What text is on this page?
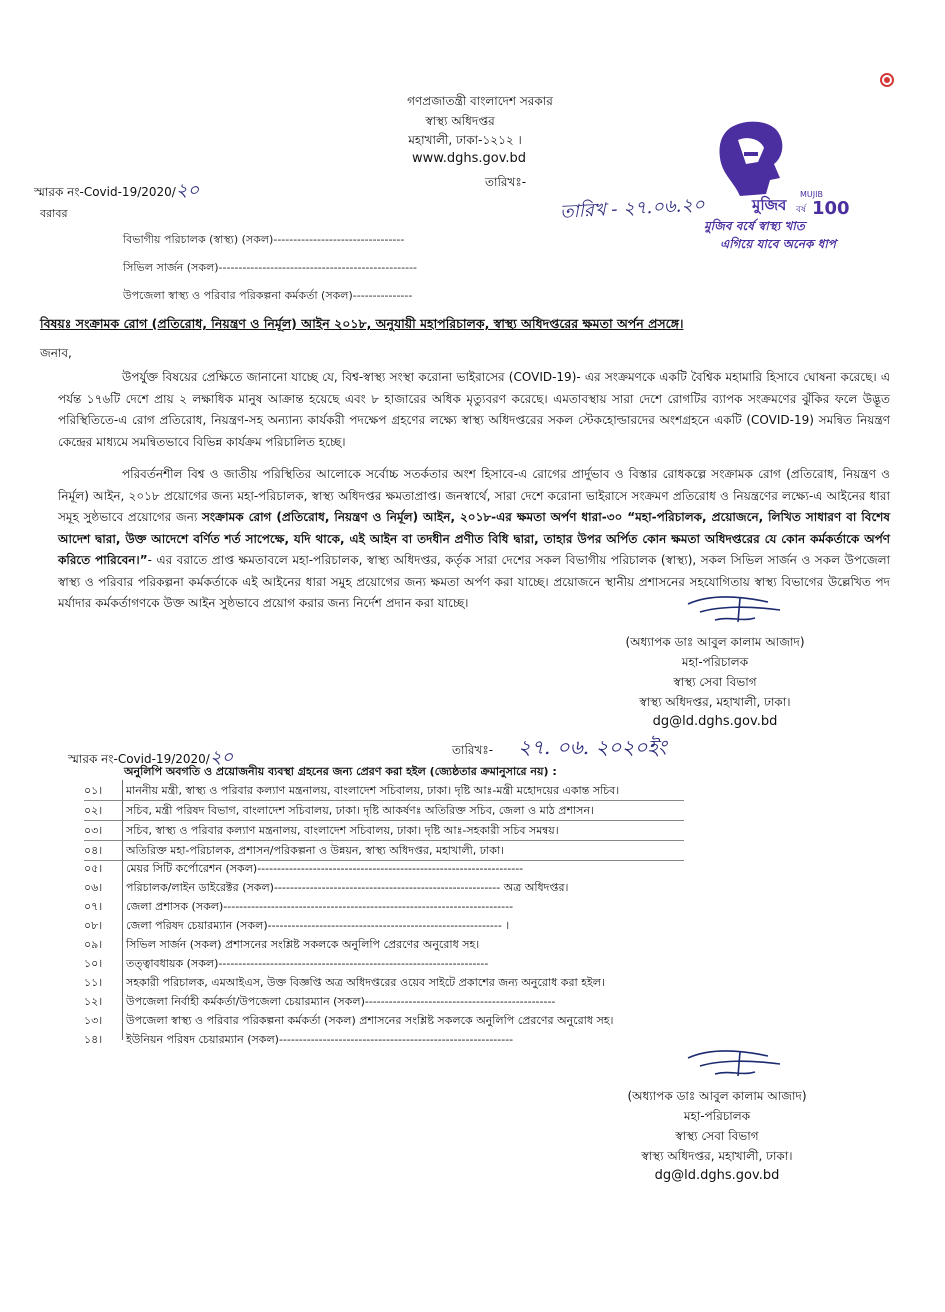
গণপ্রজাতন্ত্রী বাংলাদেশ সরকার
স্বাস্থ্য অধিদপ্তর
মহাখালী, ঢাকা-১২১২ ।
www.dghs.gov.bd
মুজিব
MUJIB
100
বর্ষ
মুজিব বর্ষে স্বাস্থ্য খাত
এগিয়ে যাবে অনেক ধাপ
স্মারক নং-Covid-19/2020/২০	তারিখঃ-
তারিখ - ২৭.০৬.২০
বরাবর
বিভাগীয় পরিচালক (স্বাস্থ্য) (সকল)---------------------------------
সিভিল সার্জন (সকল)--------------------------------------------------
উপজেলা স্বাস্থ্য ও পরিবার পরিকল্পনা কর্মকর্তা (সকল)---------------
বিষয়ঃ সংক্রামক রোগ (প্রতিরোধ, নিয়ন্ত্রণ ও নির্মূল) আইন ২০১৮, অনুযায়ী মহাপরিচালক, স্বাস্থ্য অধিদপ্তরের ক্ষমতা অর্পন প্রসঙ্গে।
জনাব,
উপর্যুক্ত বিষয়ের প্রেক্ষিতে জানানো যাচ্ছে যে, বিশ্ব-স্বাস্থ্য সংস্থা করোনা ভাইরাসের (COVID-19)- এর সংক্রমণকে একটি বৈশ্বিক মহামারি হিসাবে ঘোষনা করেছে। এ পর্যন্ত ১৭৬টি দেশে প্রায় ২ লক্ষাধিক মানুষ আক্রান্ত হয়েছে এবং ৮ হাজারের অধিক মৃত্যুবরণ করেছে। এমতাবস্থায় সারা দেশে রোগটির ব্যাপক সংক্রমণের ঝুঁকির ফলে উদ্ভূত পরিস্থিতিতে-এ রোগ প্রতিরোধ, নিয়ন্ত্রণ-সহ অন্যান্য কার্যকরী পদক্ষেপ গ্রহণের লক্ষ্যে স্বাস্থ্য অধিদপ্তরের সকল স্টেকহোল্ডারদের অংশগ্রহনে একটি (COVID-19) সমন্বিত নিয়ন্ত্রণ কেন্দ্রের মাধ্যমে সমন্বিতভাবে বিভিন্ন কার্যক্রম পরিচালিত হচ্ছে।
পরিবর্তনশীল বিশ্ব ও জাতীয় পরিস্থিতির আলোকে সর্বোচ্চ সতর্কতার অংশ হিসাবে-এ রোগের প্রার্দুভাব ও বিস্তার রোধকল্পে সংক্রামক রোগ (প্রতিরোধ, নিয়ন্ত্রণ ও নির্মূল) আইন, ২০১৮ প্রয়োগের জন্য মহা-পরিচালক, স্বাস্থ্য অধিদপ্তর ক্ষমতাপ্রাপ্ত। জনস্বার্থে, সারা দেশে করোনা ভাইরাসে সংক্রমণ প্রতিরোধ ও নিয়ন্ত্রণের লক্ষ্যে-এ আইনের ধারা সমূহ সুষ্ঠভাবে প্রয়োগের জন্য সংক্রামক রোগ (প্রতিরোধ, নিয়ন্ত্রণ ও নির্মূল) আইন, ২০১৮-এর ক্ষমতা অর্পণ ধারা-৩০ “মহা-পরিচালক, প্রয়োজনে, লিখিত সাধারণ বা বিশেষ আদেশ দ্বারা, উক্ত আদেশে বর্ণিত শর্ত সাপেক্ষে, যদি থাকে, এই আইন বা তদধীন প্রণীত বিধি দ্বারা, তাহার উপর অর্পিত কোন ক্ষমতা অধিদপ্তরের যে কোন কর্মকর্তাকে অর্পণ করিতে পারিবেন।”- এর বরাতে প্রাপ্ত ক্ষমতাবলে মহা-পরিচালক, স্বাস্থ্য অধিদপ্তর, কর্তৃক সারা দেশের সকল বিভাগীয় পরিচালক (স্বাস্থ্য), সকল সিভিল সার্জন ও সকল উপজেলা স্বাস্থ্য ও পরিবার পরিকল্পনা কর্মকর্তাকে এই আইনের ধারা সমুহ প্রয়োগের জন্য ক্ষমতা অর্পণ করা যাচ্ছে। প্রয়োজনে স্থানীয় প্রশাসনের সহযোগিতায় স্বাস্থ্য বিভাগের উল্লেখিত পদ মর্যাদার কর্মকর্তাগণকে উক্ত আইন সুষ্ঠভাবে প্রয়োগ করার জন্য নির্দেশ প্রদান করা যাচ্ছে।
(অধ্যাপক ডাঃ আবুল কালাম আজাদ)
মহা-পরিচালক
স্বাস্থ্য সেবা বিভাগ
স্বাস্থ্য অধিদপ্তর, মহাখালী, ঢাকা।
dg@ld.dghs.gov.bd
স্মারক নং-Covid-19/2020/২০	তারিখঃ- ২৭. ০৬. ২০২০ইং
অনুলিপি অবগতি ও প্রয়োজনীয় ব্যবস্থা গ্রহনের জন্য প্রেরণ করা হইল (জ্যেষ্ঠতার ক্রমানুসারে নয়) :
০১।	মাননীয় মন্ত্রী, স্বাস্থ্য ও পরিবার কল্যাণ মন্ত্রনালয়, বাংলাদেশ সচিবালয়, ঢাকা। দৃষ্টি আঃ-মন্ত্রী মহোদয়ের একান্ত সচিব।
০২।	সচিব, মন্ত্রী পরিষদ বিভাগ, বাংলাদেশ সচিবালয়, ঢাকা। দৃষ্টি আকর্ষণঃ অতিরিক্ত সচিব, জেলা ও মাঠ প্রশাসন।
০৩।	সচিব, স্বাস্থ্য ও পরিবার কল্যাণ মন্ত্রনালয়, বাংলাদেশ সচিবালয়, ঢাকা। দৃষ্টি আঃ-সহকারী সচিব সমন্বয়।
০৪।	অতিরিক্ত মহা-পরিচালক, প্রশাসন/পরিকল্পনা ও উন্নয়ন, স্বাস্থ্য অধিদপ্তর, মহাখালী, ঢাকা।
০৫।	মেয়র সিটি কর্পোরেশন (সকল)-------------------------------------------------------------------
০৬।	পরিচালক/লাইন ডাইরেক্টর (সকল)--------------------------------------------------------- অত্র অধিদপ্তর।
০৭।	জেলা প্রশাসক (সকল)-------------------------------------------------------------------------
০৮।	জেলা পরিষদ চেয়ারম্যান (সকল)----------------------------------------------------------- ।
০৯।	সিভিল সার্জন (সকল) প্রশাসনের সংশ্লিষ্ট সকলকে অনুলিপি প্রেরণের অনুরোধ সহ।
১০।	তত্ত্বাবধায়ক (সকল)--------------------------------------------------------------------
১১।	সহকারী পরিচালক, এমআইএস, উক্ত বিজ্ঞপ্তি অত্র অধিদপ্তরের ওয়েব সাইটে প্রকাশের জন্য অনুরোধ করা হইল।
১২।	উপজেলা নির্বাহী কর্মকর্তা/উপজেলা চেয়ারম্যান (সকল)------------------------------------------------
১৩।	উপজেলা স্বাস্থ্য ও পরিবার পরিকল্পনা কর্মকর্তা (সকল) প্রশাসনের সংশ্লিষ্ট সকলকে অনুলিপি প্রেরণের অনুরোধ সহ।
১৪।	ইউনিয়ন পরিষদ চেয়ারম্যান (সকল)-----------------------------------------------------------
(অধ্যাপক ডাঃ আবুল কালাম আজাদ)
মহা-পরিচালক
স্বাস্থ্য সেবা বিভাগ
স্বাস্থ্য অধিদপ্তর, মহাখালী, ঢাকা।
dg@ld.dghs.gov.bd
